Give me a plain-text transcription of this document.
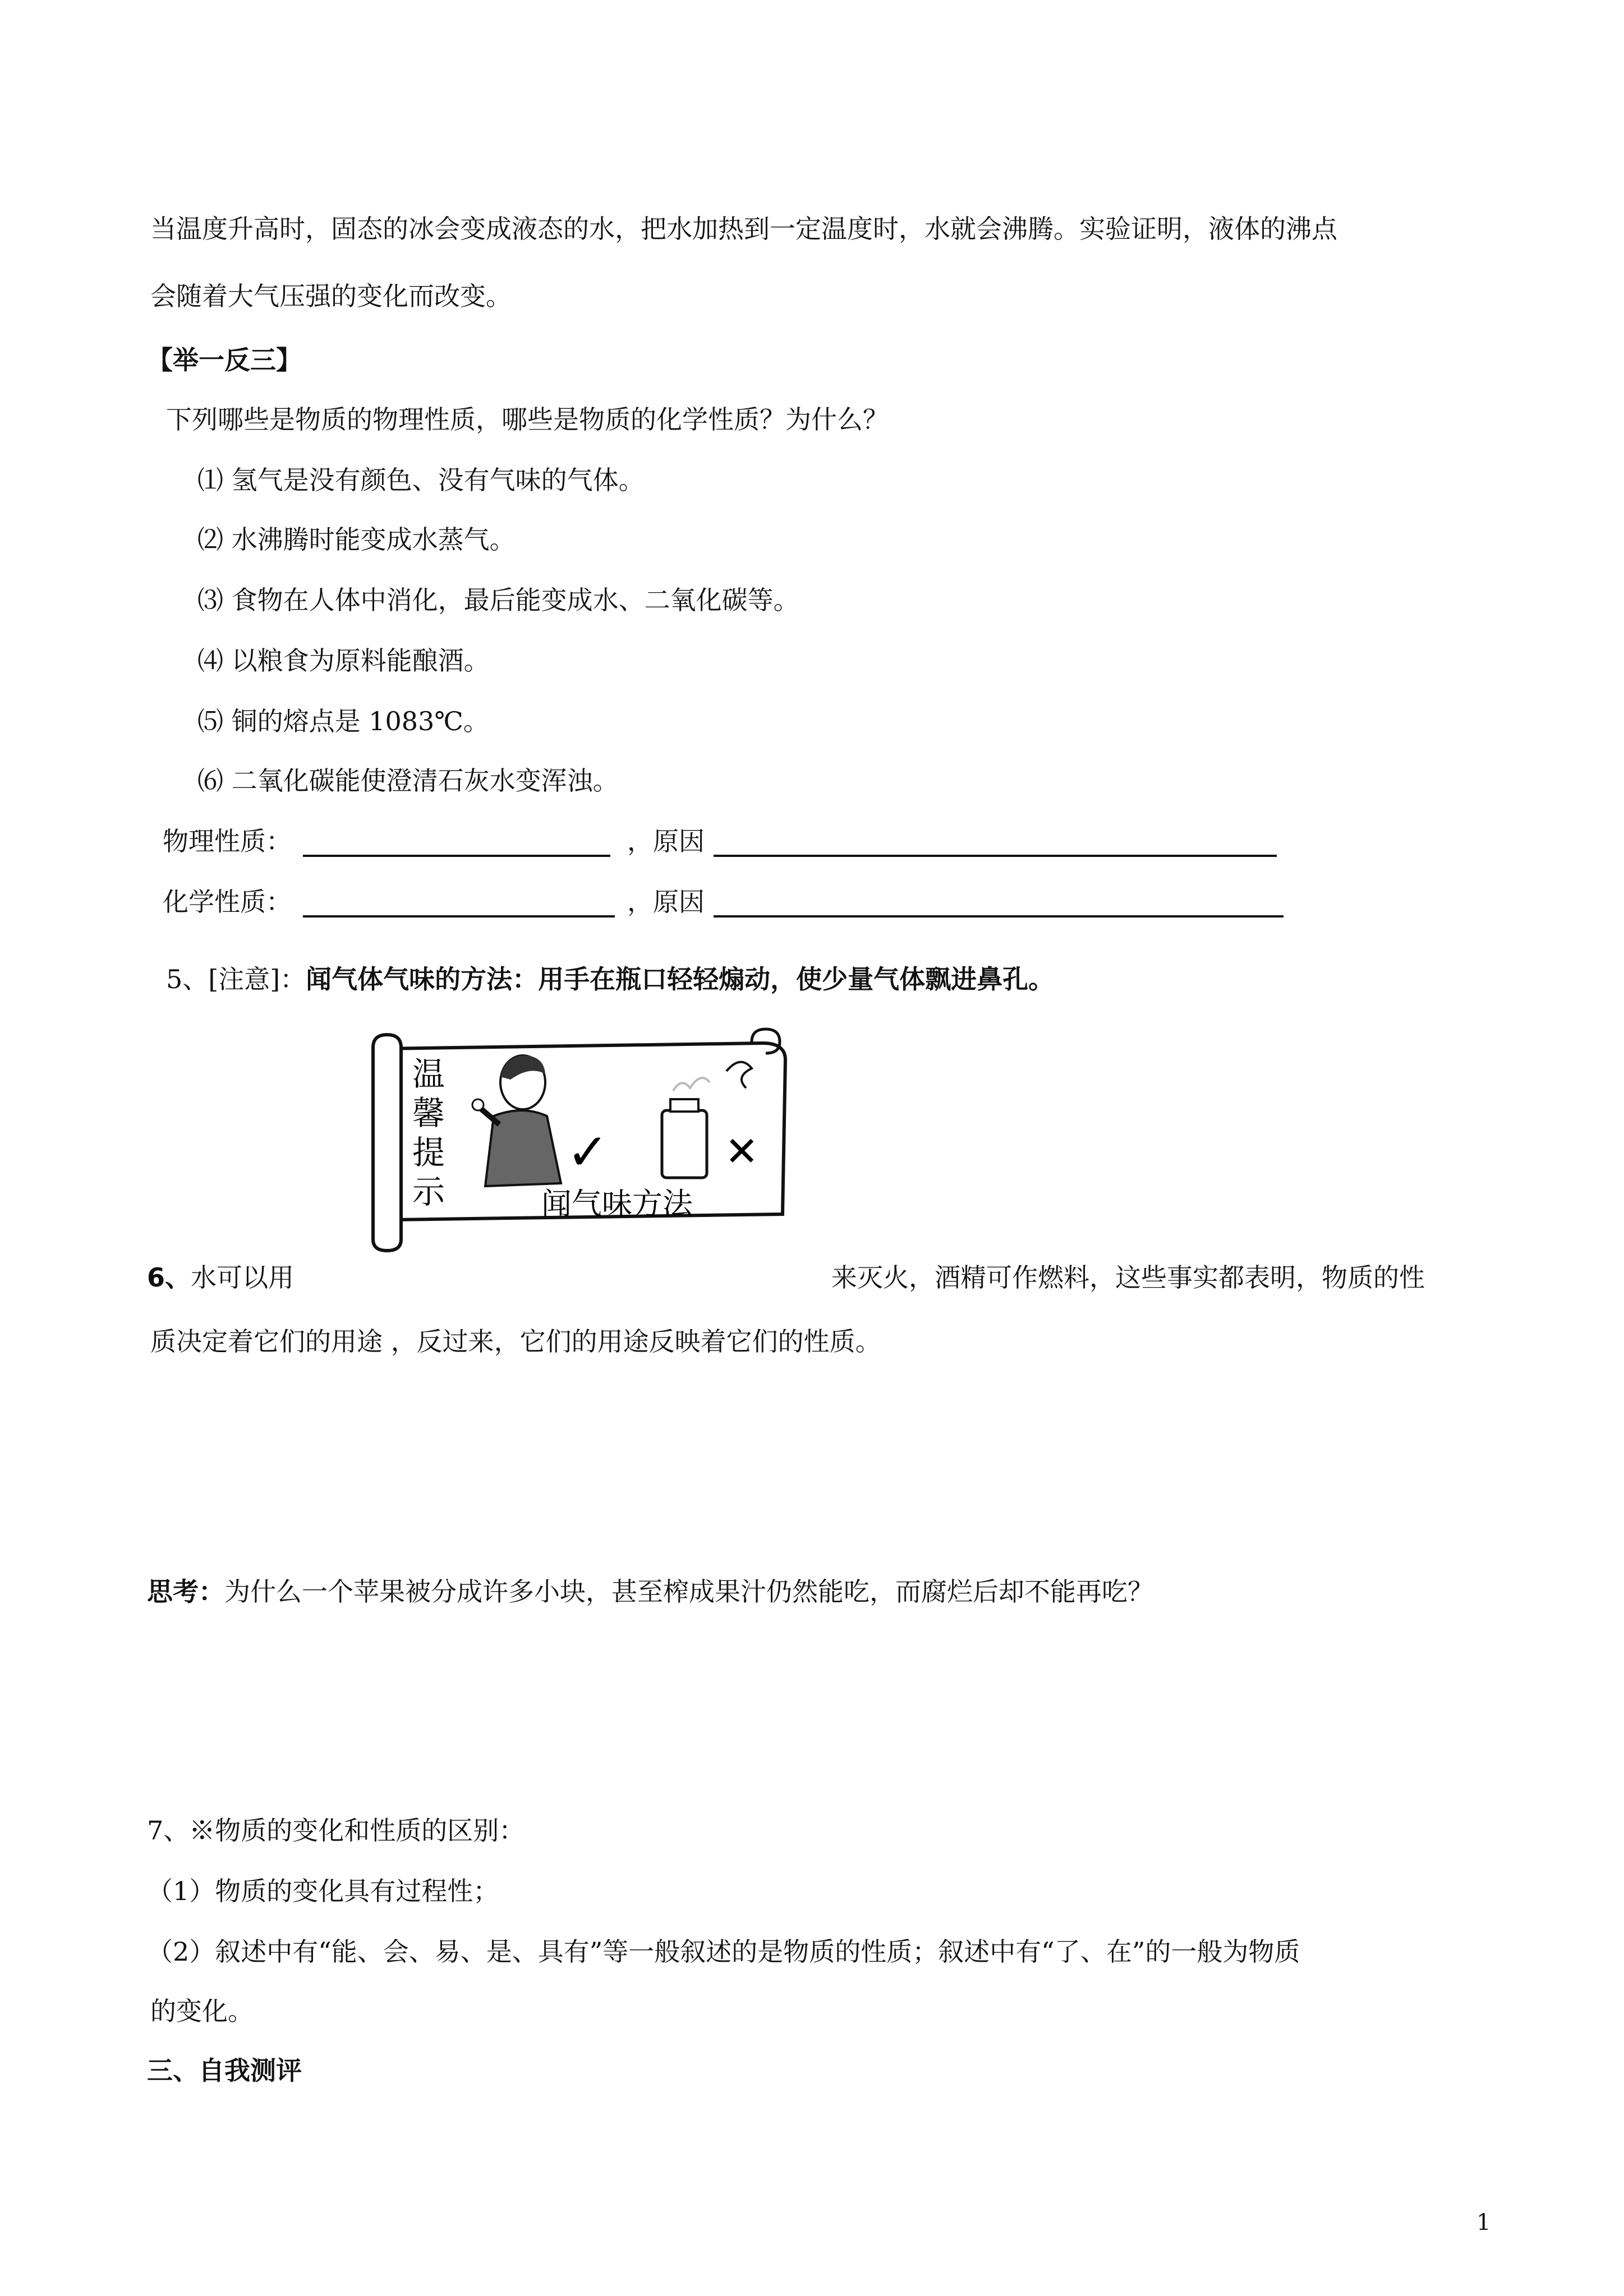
当温度升高时，固态的冰会变成液态的水，把水加热到一定温度时，水就会沸腾。实验证明，液体的沸点

会随着大气压强的变化而改变。

【举一反三】

下列哪些是物质的物理性质，哪些是物质的化学性质？为什么？

⑴ 氢气是没有颜色、没有气味的气体。

⑵ 水沸腾时能变成水蒸气。

⑶ 食物在人体中消化，最后能变成水、二氧化碳等。

⑷ 以粮食为原料能酿酒。

⑸ 铜的熔点是 1083℃。

⑹ 二氧化碳能使澄清石灰水变浑浊。

物理性质：	，原因

化学性质：	，原因

5、[注意]：闻气体气味的方法：用手在瓶口轻轻煽动，使少量气体飘进鼻孔。

温
馨
提
示
✓	✕
闻气味方法

6、水可以用	来灭火，酒精可作燃料，这些事实都表明，物质的性

质决定着它们的用途 ，反过来，它们的用途反映着它们的性质。

思考：为什么一个苹果被分成许多小块，甚至榨成果汁仍然能吃，而腐烂后却不能再吃？

7、※物质的变化和性质的区别：

（1）物质的变化具有过程性；

（2）叙述中有“能、会、易、是、具有”等一般叙述的是物质的性质；叙述中有“了、在”的一般为物质

的变化。

三、自我测评

1
